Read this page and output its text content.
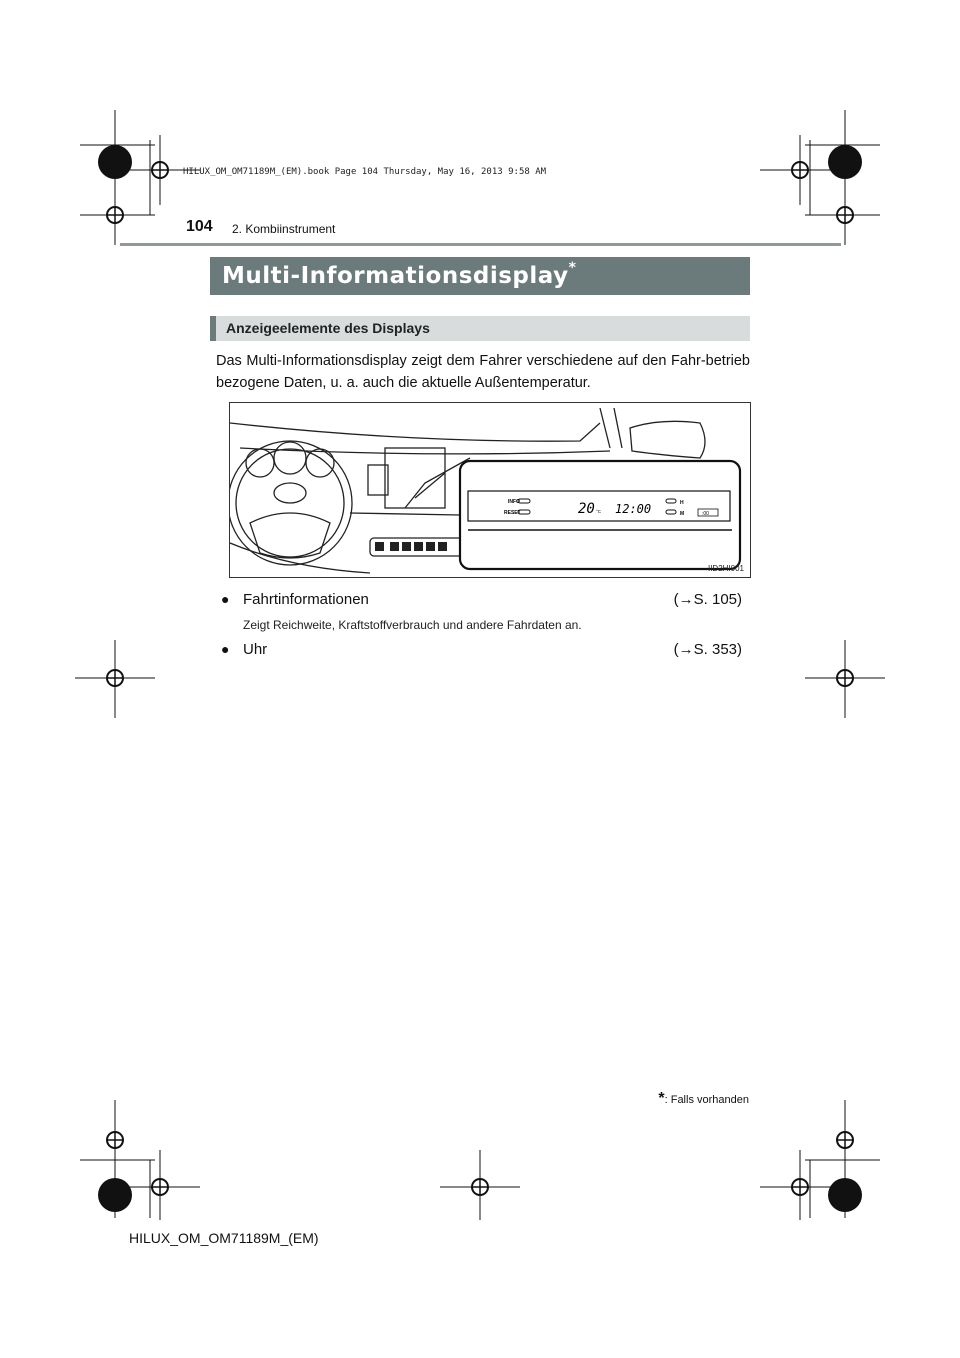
HILUX_OM_OM71189M_(EM).book Page 104 Thursday, May 16, 2013 9:58 AM
104 2. Kombiinstrument
Multi-Informationsdisplay*
Anzeigeelemente des Displays
Das Multi-Informationsdisplay zeigt dem Fahrer verschiedene auf den Fahr-betrieb bezogene Daten, u. a. auch die aktuelle Außentemperatur.
INFO
RESET	20 °C 12:00	H
M	:00
IID2HI001
● Fahrtinformationen	(→S. 105)
Zeigt Reichweite, Kraftstoffverbrauch und andere Fahrdaten an.
● Uhr	(→S. 353)
*: Falls vorhanden
HILUX_OM_OM71189M_(EM)
